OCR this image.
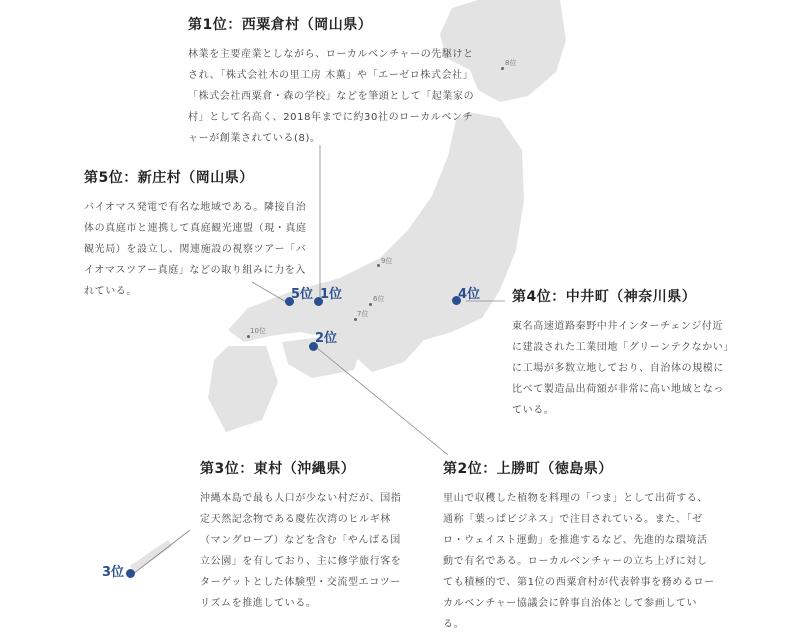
第1位：西粟倉村（岡山県）

林業を主要産業としながら、ローカルベンチャーの先駆けとされ、「株式会社木の里工房 木薫」や「エーゼロ株式会社」「株式会社西粟倉・森の学校」などを筆頭として「起業家の村」として名高く、2018年までに約30社のローカルベンチャーが創業されている(8)。

第5位：新庄村（岡山県）

バイオマス発電で有名な地域である。隣接自治体の真庭市と連携して真庭観光連盟（現・真庭観光局）を設立し、関連施設の視察ツアー「バイオマスツアー真庭」などの取り組みに力を入れている。	第4位：中井町（神奈川県）

東名高速道路秦野中井インターチェンジ付近に建設された工業団地「グリーンテクなかい」に工場が多数立地しており、自治体の規模に比べて製造品出荷額が非常に高い地域となっている。

第3位：東村（沖縄県）

沖縄本島で最も人口が少ない村だが、国指定天然記念物である慶佐次湾のヒルギ林（マングローブ）などを含む「やんばる国立公園」を有しており、主に修学旅行客をターゲットとした体験型・交流型エコツーリズムを推進している。

第2位：上勝町（徳島県）

里山で収穫した植物を料理の「つま」として出荷する、通称「葉っぱビジネス」で注目されている。また、「ゼロ・ウェイスト運動」を推進するなど、先進的な環境活動で有名である。ローカルベンチャーの立ち上げに対しても積極的で、第1位の西粟倉村が代表幹事を務めるローカルベンチャー協議会に幹事自治体として参画している。

1位
5位
2位
4位
3位
8位
9位
6位
7位
10位
